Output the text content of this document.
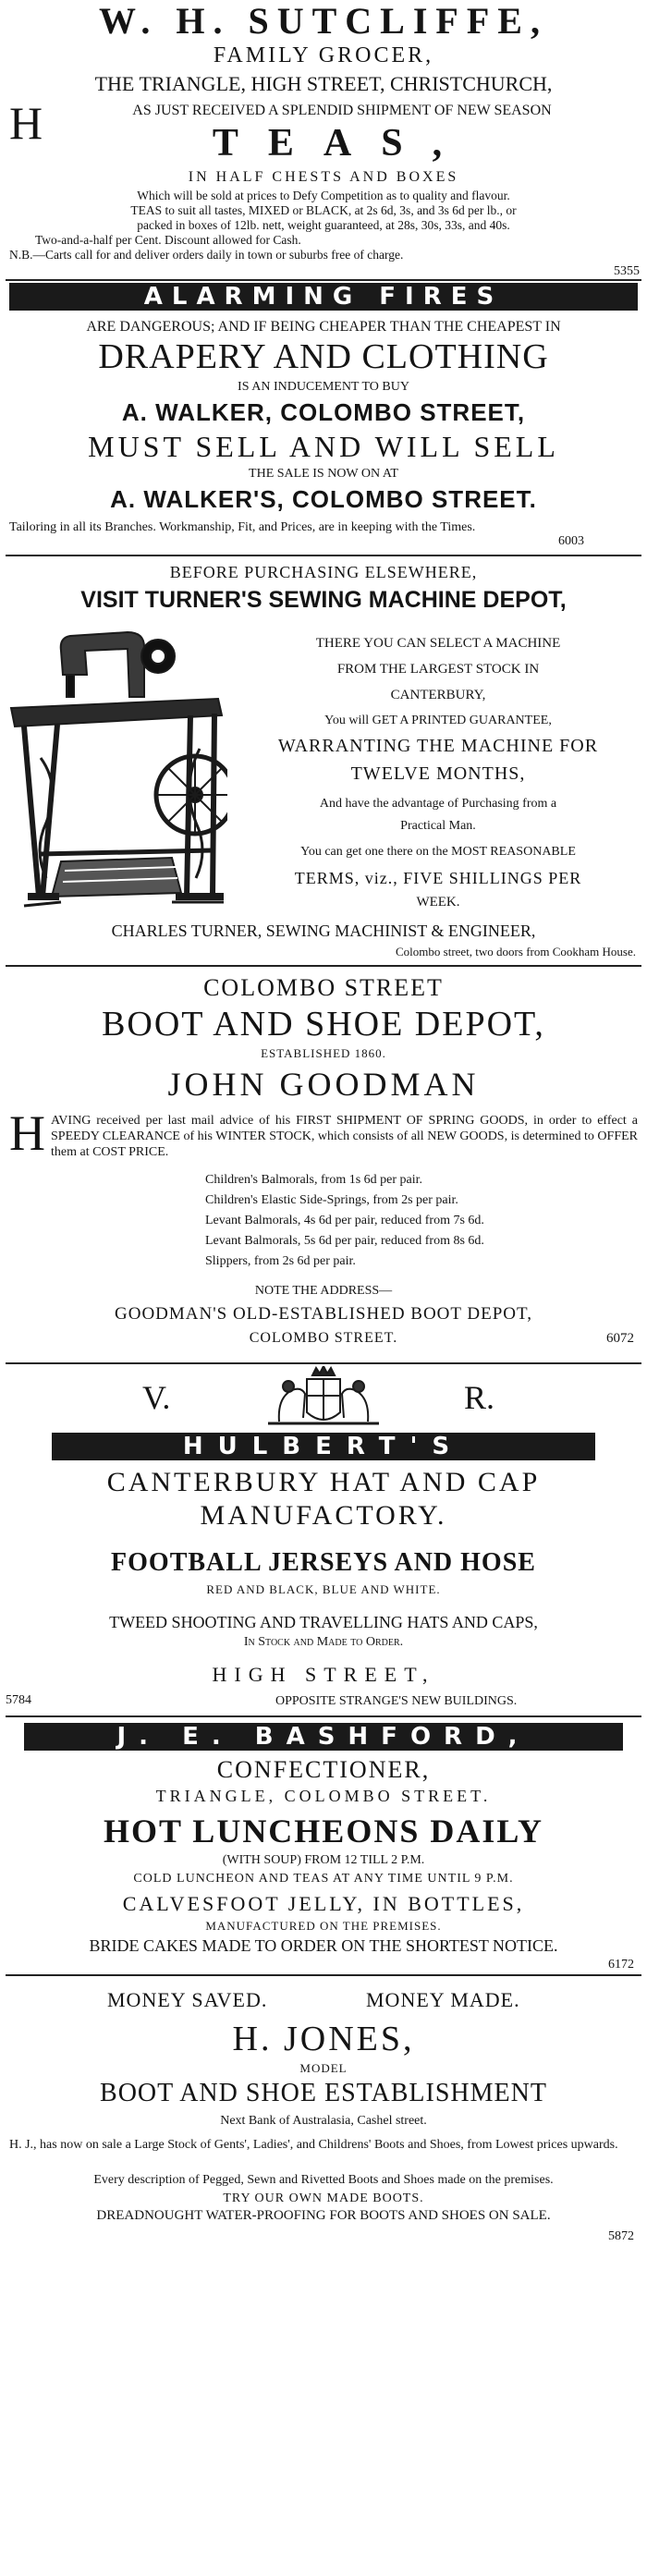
W. H. SUTCLIFFE,
FAMILY GROCER,
THE TRIANGLE, HIGH STREET, CHRISTCHURCH,
H	AS JUST RECEIVED A SPLENDID SHIPMENT OF NEW SEASON
TEAS,
IN HALF CHESTS AND BOXES
Which will be sold at prices to Defy Competition as to quality and flavour.
TEAS to suit all tastes, MIXED or BLACK, at 2s 6d, 3s, and 3s 6d per lb., or
packed in boxes of 12lb. nett, weight guaranteed, at 28s, 30s, 33s, and 40s.
Two-and-a-half per Cent. Discount allowed for Cash.
N.B.—Carts call for and deliver orders daily in town or suburbs free of charge.
5355
ALARMING FIRES
ARE DANGEROUS; AND IF BEING CHEAPER THAN THE CHEAPEST IN
DRAPERY AND CLOTHING
IS AN INDUCEMENT TO BUY
A. WALKER, COLOMBO STREET,
MUST SELL AND WILL SELL
THE SALE IS NOW ON AT
A. WALKER'S, COLOMBO STREET.
Tailoring in all its Branches. Workmanship, Fit, and Prices, are in keeping with the Times.
6003
BEFORE PURCHASING ELSEWHERE,
VISIT TURNER'S SEWING MACHINE DEPOT,
THERE YOU CAN SELECT A MACHINE
FROM THE LARGEST STOCK IN
CANTERBURY,
You will GET A PRINTED GUARANTEE,
WARRANTING THE MACHINE FOR
TWELVE MONTHS,
And have the advantage of Purchasing from a
Practical Man.
You can get one there on the MOST REASONABLE
TERMS, viz., FIVE SHILLINGS PER
WEEK.
CHARLES TURNER, SEWING MACHINIST & ENGINEER,
Colombo street, two doors from Cookham House.
COLOMBO STREET
BOOT AND SHOE DEPOT,
ESTABLISHED 1860.
JOHN GOODMAN
H AVING received per last mail advice of his FIRST SHIPMENT OF SPRING GOODS, in order to effect a SPEEDY CLEARANCE of his WINTER STOCK, which consists of all NEW GOODS, is determined to OFFER them at COST PRICE.

Children's Balmorals, from 1s 6d per pair.
Children's Elastic Side-Springs, from 2s per pair.
Levant Balmorals, 4s 6d per pair, reduced from 7s 6d.
Levant Balmorals, 5s 6d per pair, reduced from 8s 6d.
Slippers, from 2s 6d per pair.
NOTE THE ADDRESS—
GOODMAN'S OLD-ESTABLISHED BOOT DEPOT,
COLOMBO STREET.	6072
V.	R.
HULBERT'S
CANTERBURY HAT AND CAP
MANUFACTORY.
FOOTBALL JERSEYS AND HOSE
RED AND BLACK, BLUE AND WHITE.
TWEED SHOOTING AND TRAVELLING HATS AND CAPS,
In Stock and Made to Order.
HIGH STREET,
5784	OPPOSITE STRANGE'S NEW BUILDINGS.
J. E. BASHFORD,
CONFECTIONER,
TRIANGLE, COLOMBO STREET.
HOT LUNCHEONS DAILY
(WITH SOUP) FROM 12 TILL 2 P.M.
COLD LUNCHEON AND TEAS AT ANY TIME UNTIL 9 P.M.
CALVESFOOT JELLY, IN BOTTLES,
MANUFACTURED ON THE PREMISES.
BRIDE CAKES MADE TO ORDER ON THE SHORTEST NOTICE.
6172
MONEY SAVED.	MONEY MADE.
H. JONES,
MODEL
BOOT AND SHOE ESTABLISHMENT
Next Bank of Australasia, Cashel street.
H. J., has now on sale a Large Stock of Gents', Ladies', and Childrens' Boots and Shoes, from Lowest prices upwards.
Every description of Pegged, Sewn and Rivetted Boots and Shoes made on the premises.
TRY OUR OWN MADE BOOTS.
DREADNOUGHT WATER-PROOFING FOR BOOTS AND SHOES ON SALE.
5872
